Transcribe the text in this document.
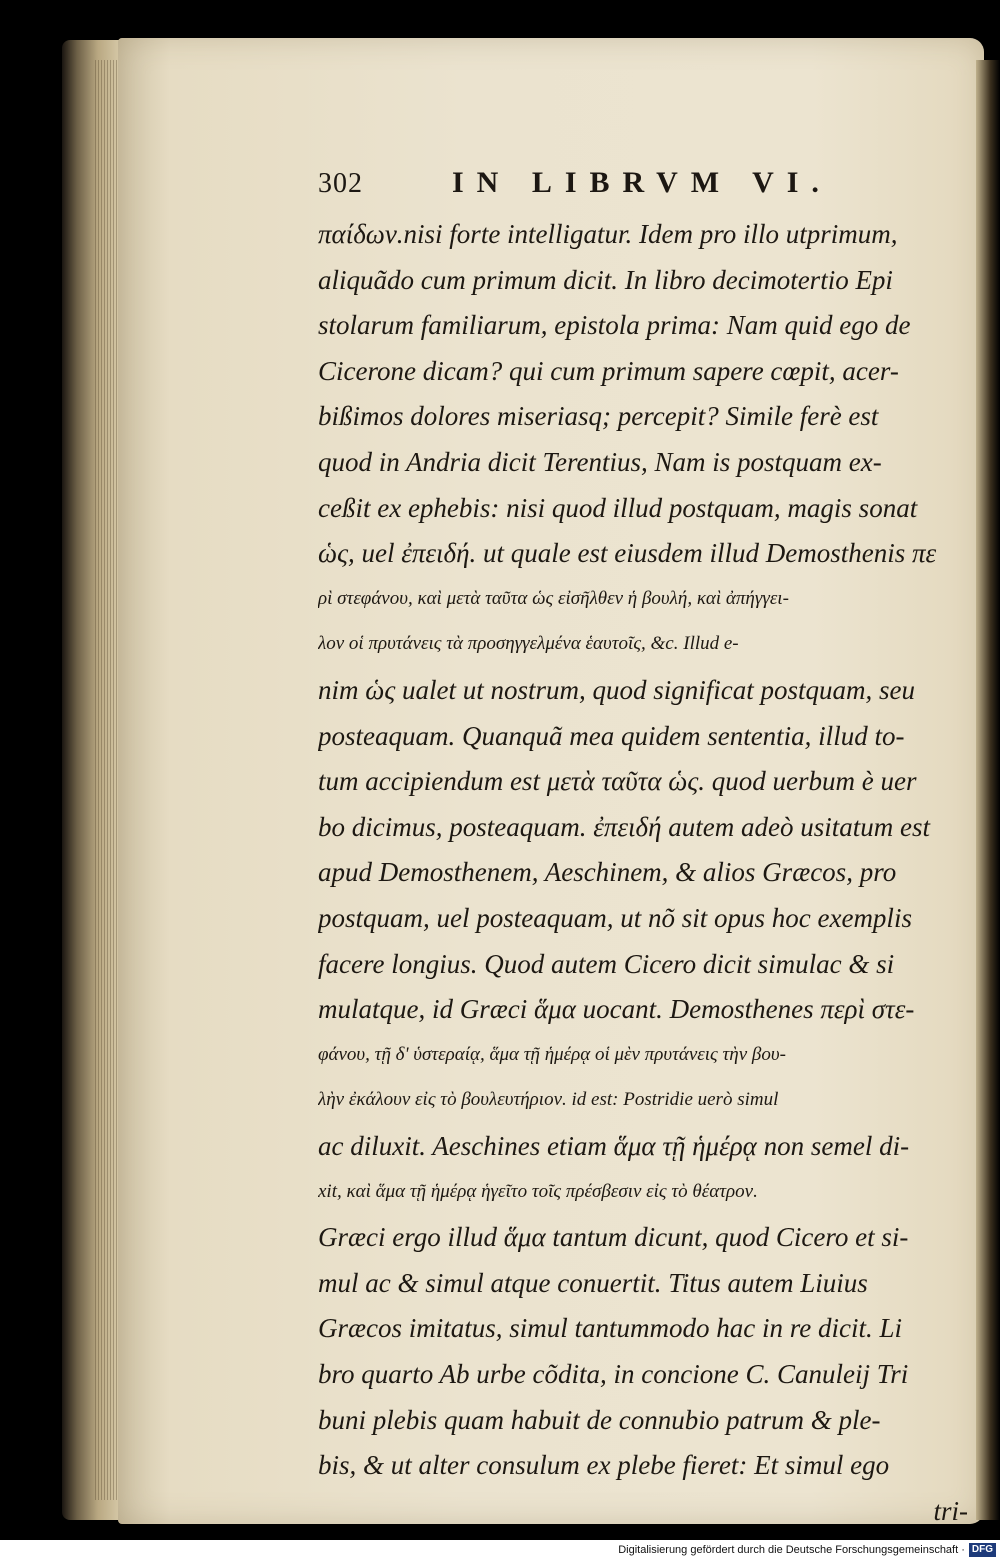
302	IN LIBRVM VI.
παίδων.nisi forte intelligatur. Idem pro illo utprimum,
aliquãdo cum primum dicit. In libro decimotertio Epi
stolarum familiarum, epistola prima: Nam quid ego de
Cicerone dicam? qui cum primum sapere cœpit, acer-
bißimos dolores miseriasq; percepit? Simile ferè est
quod in Andria dicit Terentius, Nam is postquam ex-
ceßit ex ephebis: nisi quod illud postquam, magis sonat
ὡς, uel ἐπειδή. ut quale est eiusdem illud Demosthenis πε
ρὶ στεφάνου, καὶ μετὰ ταῦτα ὡς εἰσῆλθεν ἡ βουλή, καὶ ἀπήγγει-
λον οἱ πρυτάνεις τὰ προσηγγελμένα ἑαυτοῖς, &c. Illud e-
nim ὡς ualet ut nostrum, quod significat postquam, seu
posteaquam. Quanquã mea quidem sententia, illud to-
tum accipiendum est μετὰ ταῦτα ὡς. quod uerbum è uer
bo dicimus, posteaquam. ἐπειδή autem adeò usitatum est
apud Demosthenem, Aeschinem, & alios Græcos, pro
postquam, uel posteaquam, ut nõ sit opus hoc exemplis
facere longius. Quod autem Cicero dicit simulac & si
mulatque, id Græci ἅμα uocant. Demosthenes περὶ στε-
φάνου, τῇ δ' ὑστεραίᾳ, ἅμα τῇ ἡμέρᾳ οἱ μὲν πρυτάνεις τὴν βου-
λὴν ἐκάλουν εἰς τὸ βουλευτήριον. id est: Postridie uerò simul
ac diluxit. Aeschines etiam ἅμα τῇ ἡμέρᾳ non semel di-
xit, καὶ ἅμα τῇ ἡμέρᾳ ἡγεῖτο τοῖς πρέσβεσιν εἰς τὸ θέατρον.
Græci ergo illud ἅμα tantum dicunt, quod Cicero et si-
mul ac & simul atque conuertit. Titus autem Liuius
Græcos imitatus, simul tantummodo hac in re dicit. Li
bro quarto Ab urbe cõdita, in concione C. Canuleij Tri
buni plebis quam habuit de connubio patrum & ple-
bis, & ut alter consulum ex plebe fieret: Et simul ego
tri-
Digitalisierung gefördert durch die Deutsche Forschungsgemeinschaft · DFG
